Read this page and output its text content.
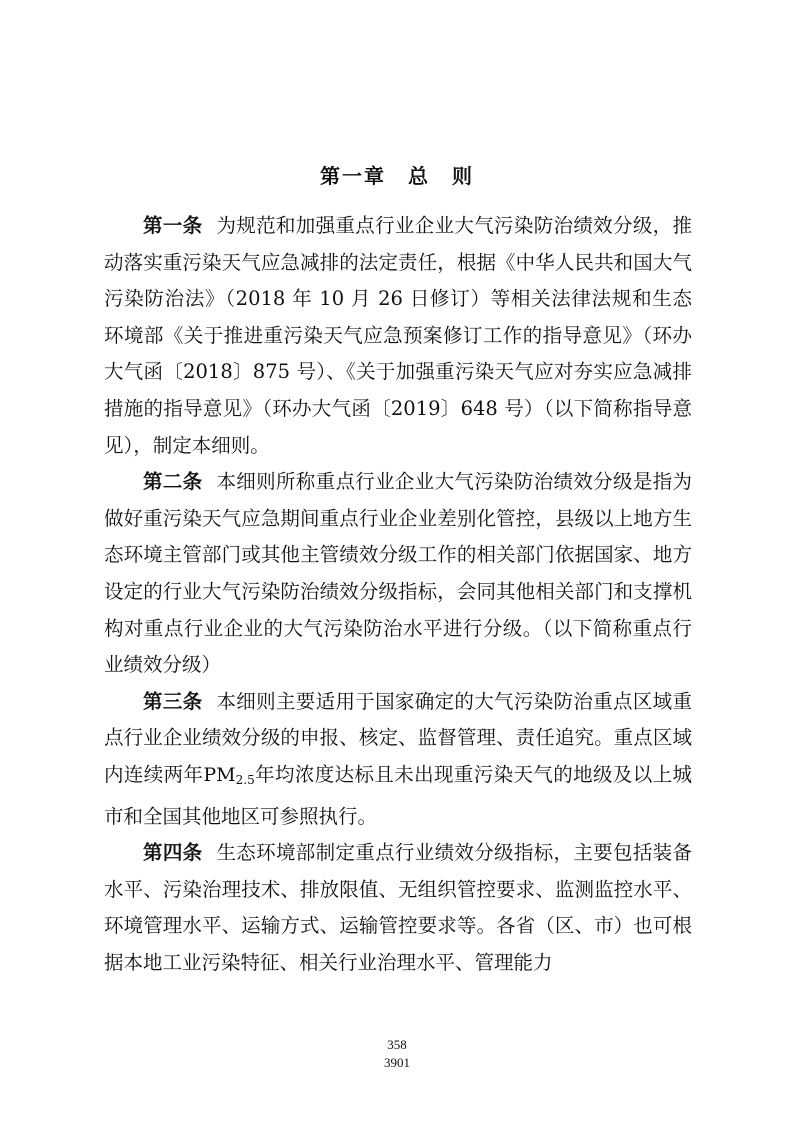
第一章　总　则

第一条 为规范和加强重点行业企业大气污染防治绩效分级，推动落实重污染天气应急减排的法定责任，根据《中华人民共和国大气污染防治法》（2018 年 10 月 26 日修订）等相关法律法规和生态环境部《关于推进重污染天气应急预案修订工作的指导意见》（环办大气函〔2018〕875 号）、《关于加强重污染天气应对夯实应急减排措施的指导意见》（环办大气函〔2019〕648 号）（以下简称指导意见），制定本细则。

第二条 本细则所称重点行业企业大气污染防治绩效分级是指为做好重污染天气应急期间重点行业企业差别化管控，县级以上地方生态环境主管部门或其他主管绩效分级工作的相关部门依据国家、地方设定的行业大气污染防治绩效分级指标，会同其他相关部门和支撑机构对重点行业企业的大气污染防治水平进行分级。（以下简称重点行业绩效分级）

第三条 本细则主要适用于国家确定的大气污染防治重点区域重点行业企业绩效分级的申报、核定、监督管理、责任追究。重点区域内连续两年$PM_{2.5}$年均浓度达标且未出现重污染天气的地级及以上城市和全国其他地区可参照执行。

第四条 生态环境部制定重点行业绩效分级指标，主要包括装备水平、污染治理技术、排放限值、无组织管控要求、监测监控水平、环境管理水平、运输方式、运输管控要求等。各省（区、市）也可根据本地工业污染特征、相关行业治理水平、管理能力

358
3901
